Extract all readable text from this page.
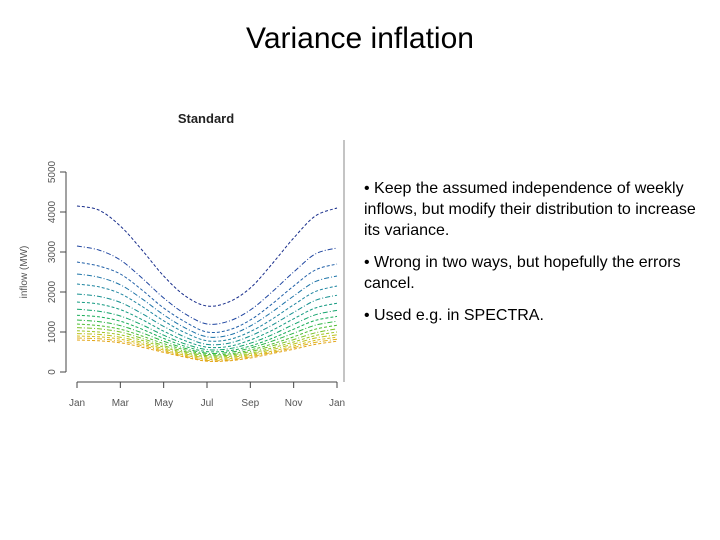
Variance inflation
Standard
0
1000
2000
3000
4000
5000
inflow (MW)
Jan	Mar	May	Jul	Sep	Nov	Jan
• Keep the assumed independence of weekly inflows, but modify their distribution to increase its variance.
• Wrong in two ways, but hopefully the errors cancel.
• Used e.g. in SPECTRA.
